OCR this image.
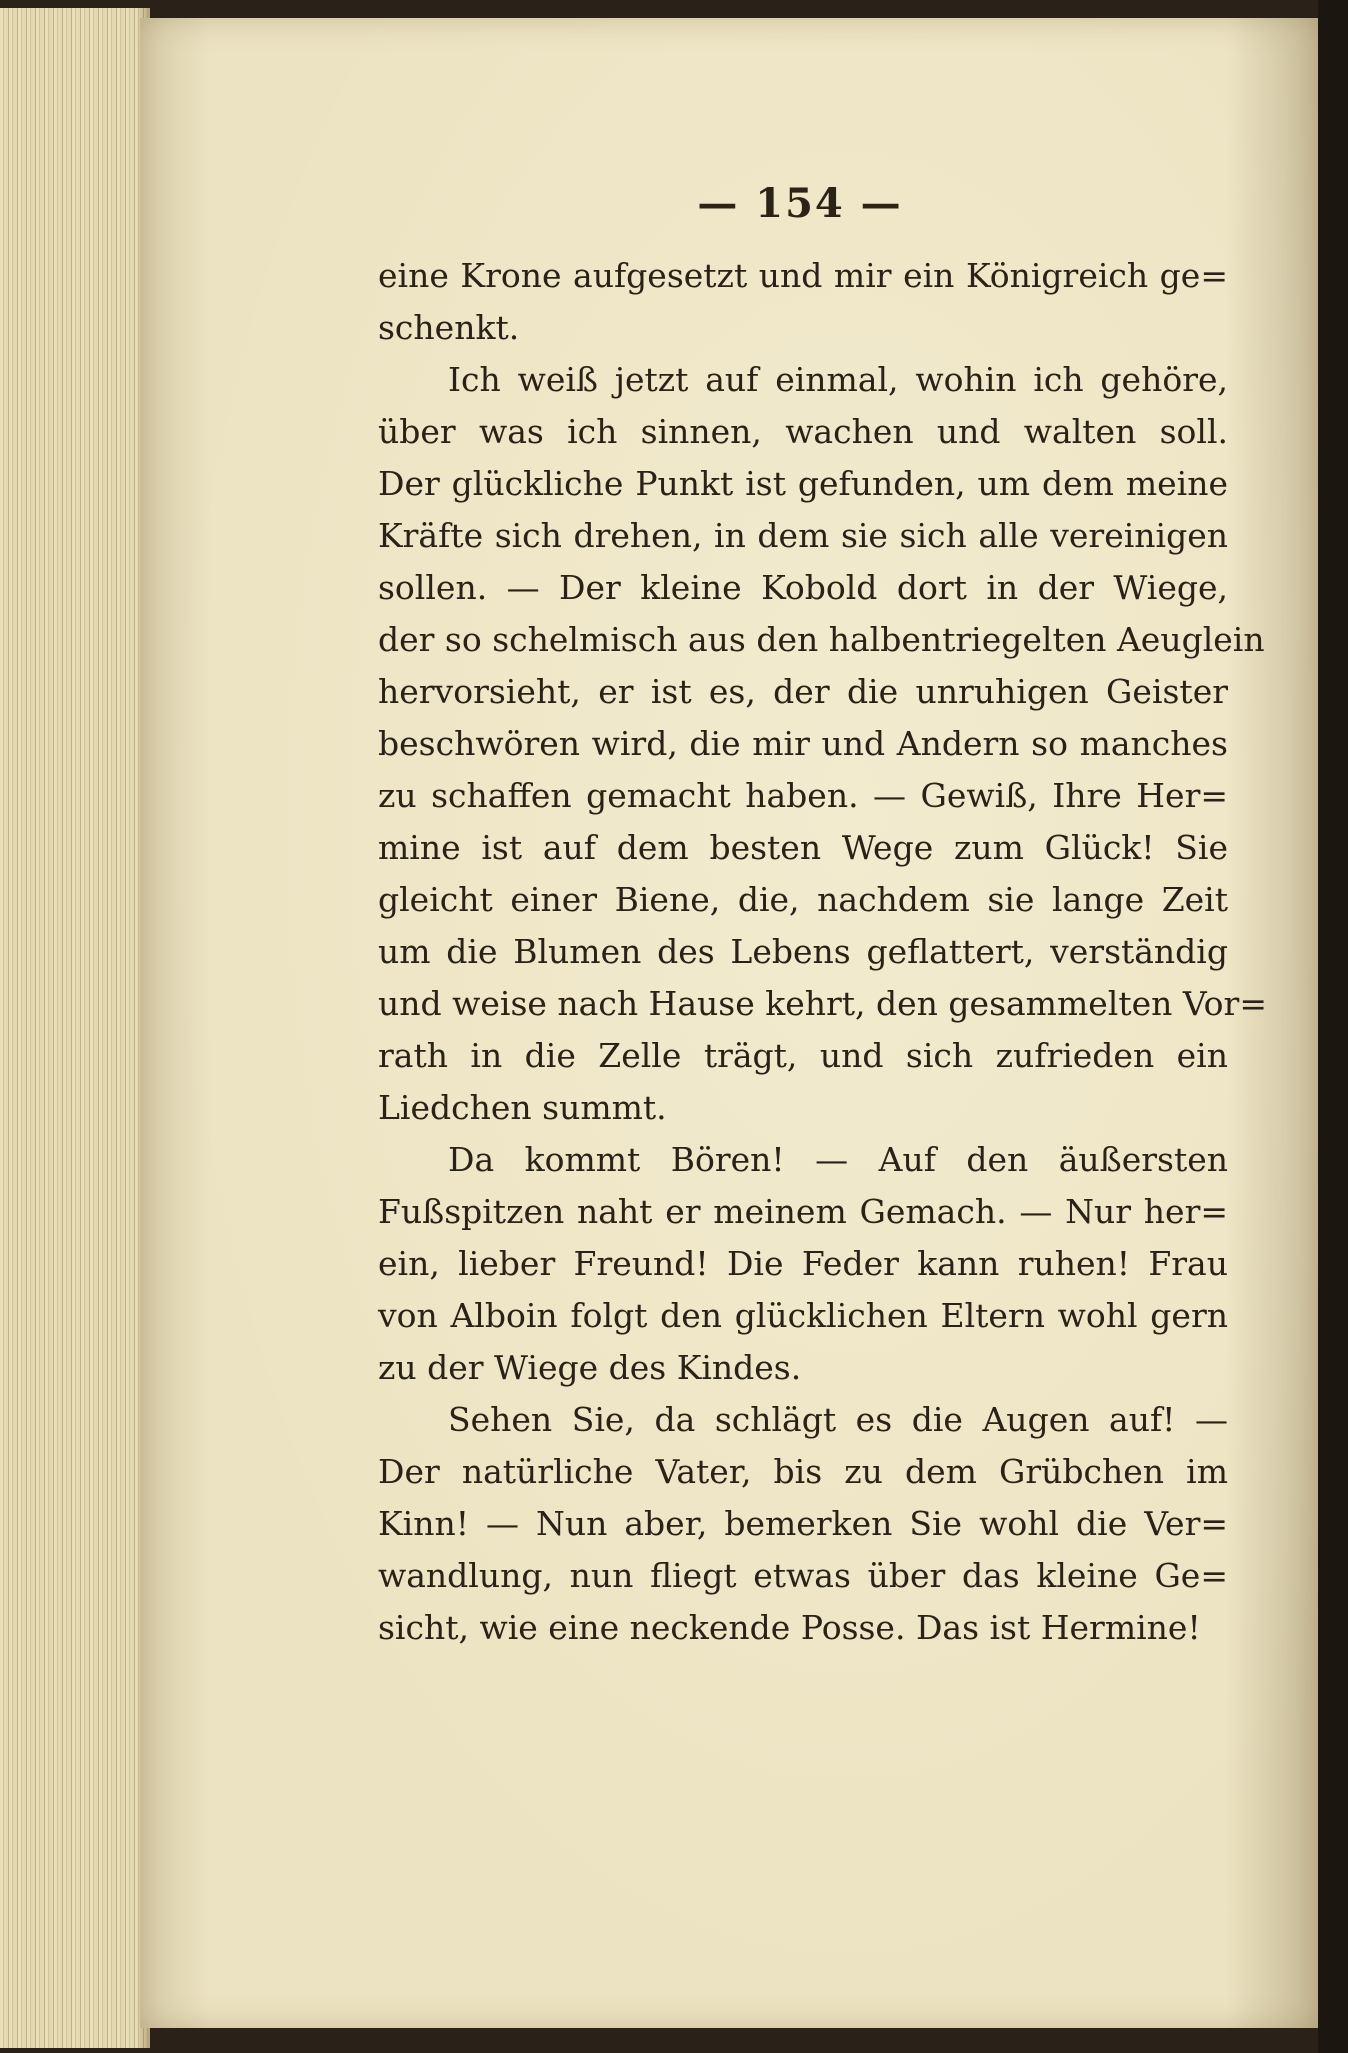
— 154 —
eine Krone aufgesetzt und mir ein Königreich ge=
schenkt.
Ich weiß jetzt auf einmal, wohin ich gehöre,
über was ich sinnen, wachen und walten soll.
Der glückliche Punkt ist gefunden, um dem meine
Kräfte sich drehen, in dem sie sich alle vereinigen
sollen. — Der kleine Kobold dort in der Wiege,
der so schelmisch aus den halbentriegelten Aeuglein
hervorsieht, er ist es, der die unruhigen Geister
beschwören wird, die mir und Andern so manches
zu schaffen gemacht haben. — Gewiß, Ihre Her=
mine ist auf dem besten Wege zum Glück! Sie
gleicht einer Biene, die, nachdem sie lange Zeit
um die Blumen des Lebens geflattert, verständig
und weise nach Hause kehrt, den gesammelten Vor=
rath in die Zelle trägt, und sich zufrieden ein
Liedchen summt.
Da kommt Bören! — Auf den äußersten
Fußspitzen naht er meinem Gemach. — Nur her=
ein, lieber Freund! Die Feder kann ruhen! Frau
von Alboin folgt den glücklichen Eltern wohl gern
zu der Wiege des Kindes.
Sehen Sie, da schlägt es die Augen auf! —
Der natürliche Vater, bis zu dem Grübchen im
Kinn! — Nun aber, bemerken Sie wohl die Ver=
wandlung, nun fliegt etwas über das kleine Ge=
sicht, wie eine neckende Posse. Das ist Hermine!
